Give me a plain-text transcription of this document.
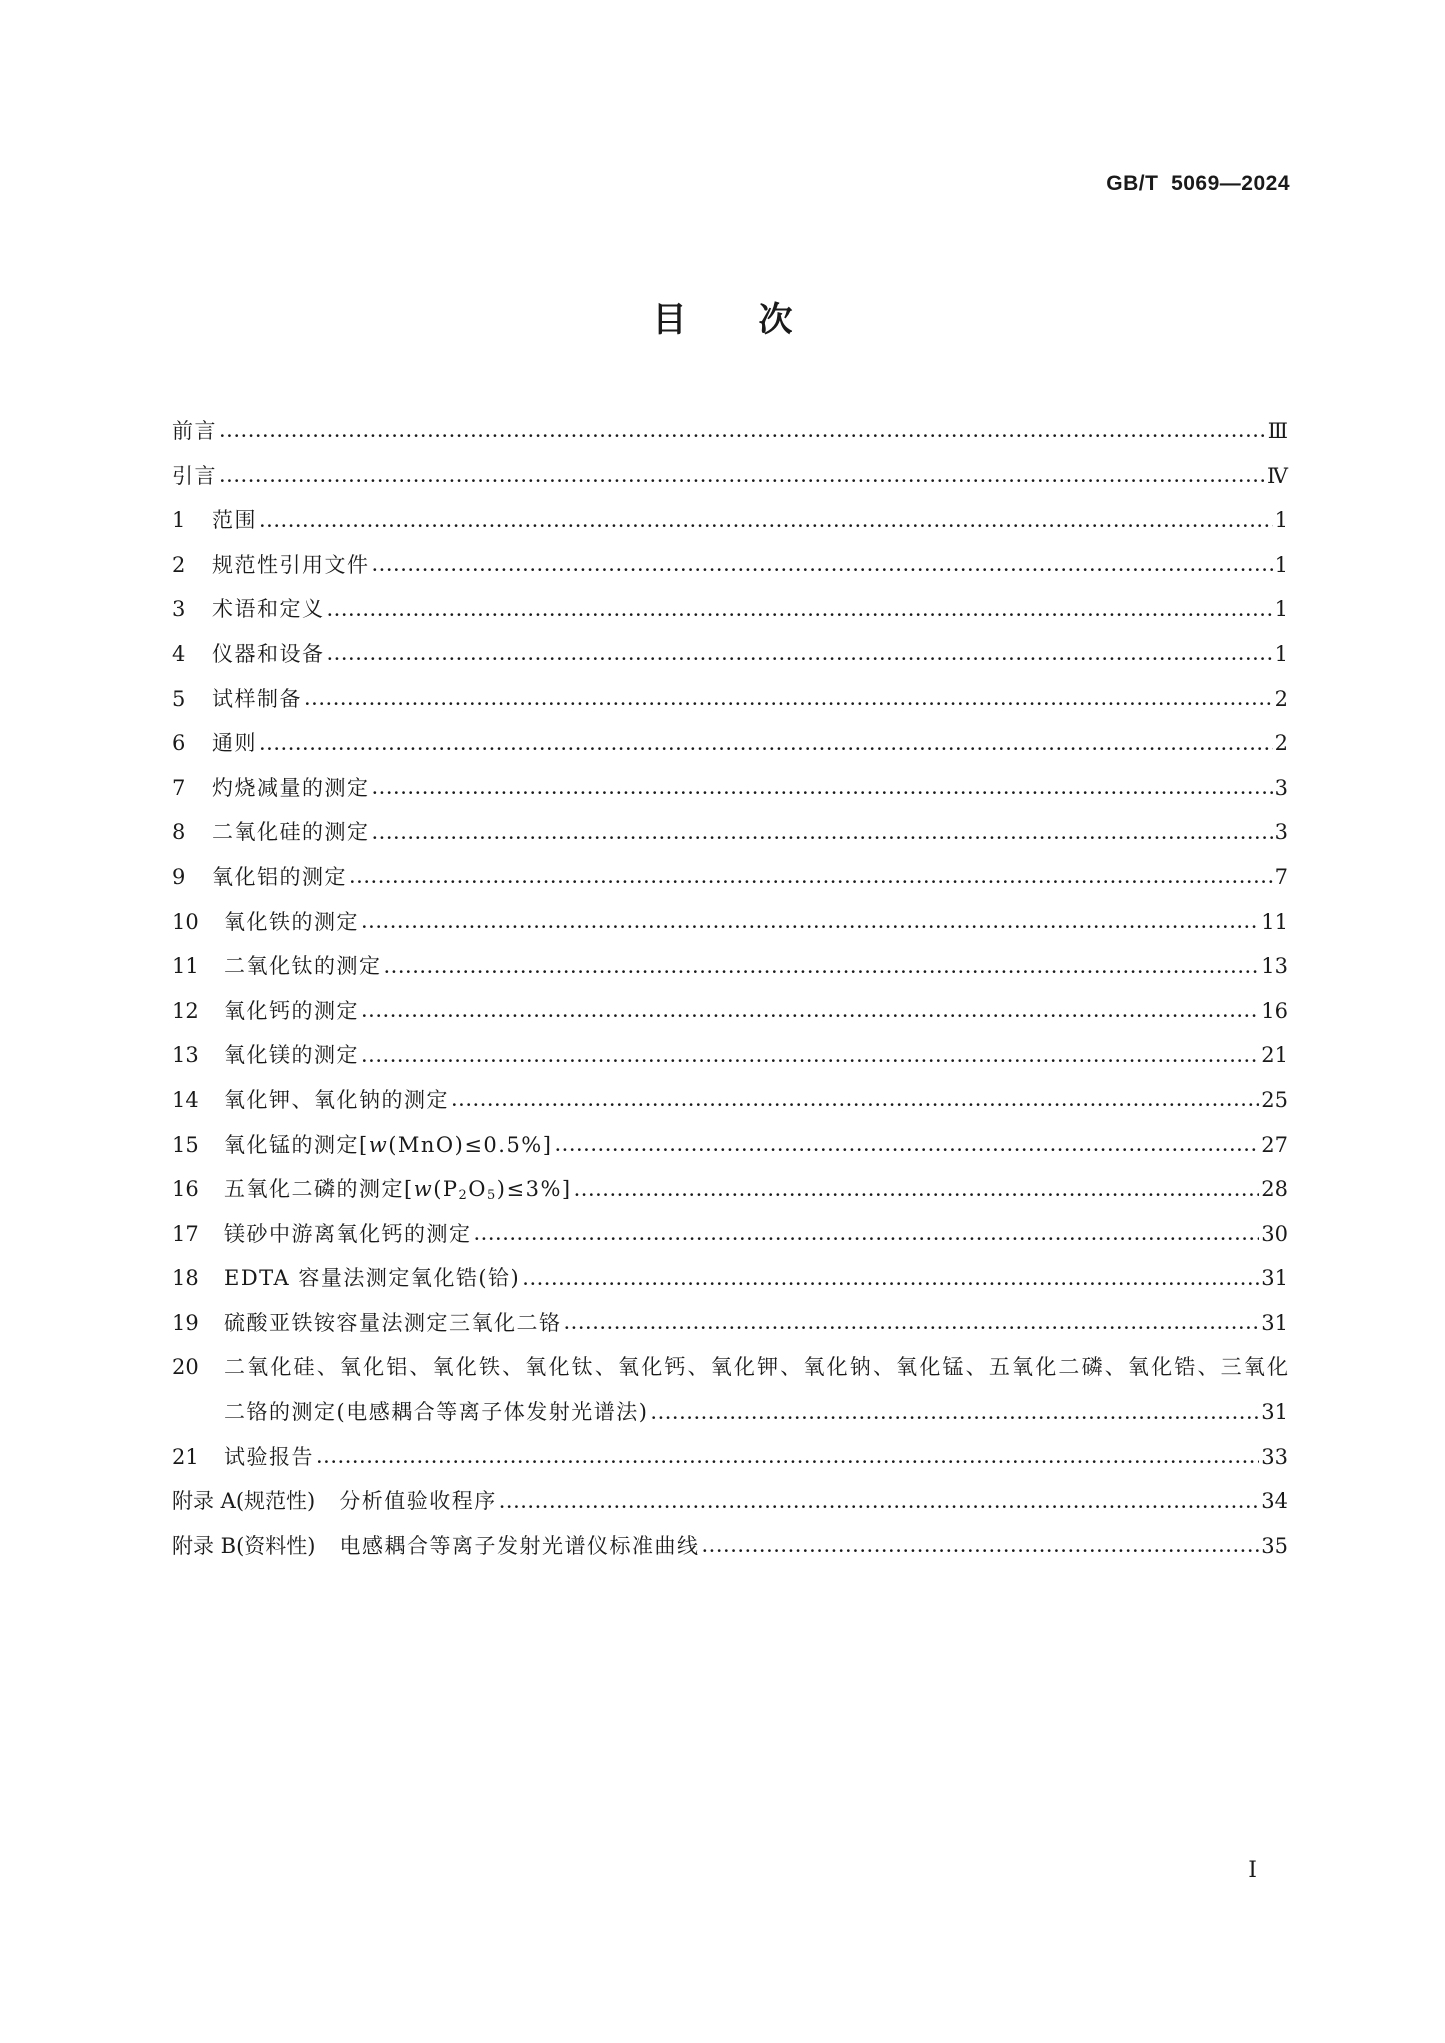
GB/T  5069—2024
目次
前言 ·····	Ⅲ
引言 ·····	Ⅳ
1	范围 ·····	1
2	规范性引用文件 ·····	1
3	术语和定义 ·····	1
4	仪器和设备 ·····	1
5	试样制备 ·····	2
6	通则 ·····	2
7	灼烧减量的测定 ·····	3
8	二氧化硅的测定 ·····	3
9	氧化铝的测定 ·····	7
10	氧化铁的测定 ·····	11
11	二氧化钛的测定 ·····	13
12	氧化钙的测定 ·····	16
13	氧化镁的测定 ·····	21
14	氧化钾、氧化钠的测定 ·····	25
15	氧化锰的测定[w(MnO)≤0.5%] ·····	27
16	五氧化二磷的测定$[w(P_2O_5)\le 3\%]$ ·····	28
17	镁砂中游离氧化钙的测定 ·····	30
18	EDTA 容量法测定氧化锆(铪) ·····	31
19	硫酸亚铁铵容量法测定三氧化二铬 ·····	31
20	二氧化硅、氧化铝、氧化铁、氧化钛、氧化钙、氧化钾、氧化钠、氧化锰、五氧化二磷、氧化锆、三氧化
二铬的测定(电感耦合等离子体发射光谱法) ·····	31
21	试验报告 ·····	33
附录 A(规范性) 分析值验收程序 ·····	34
附录 B(资料性) 电感耦合等离子发射光谱仪标准曲线 ·····	35
I
